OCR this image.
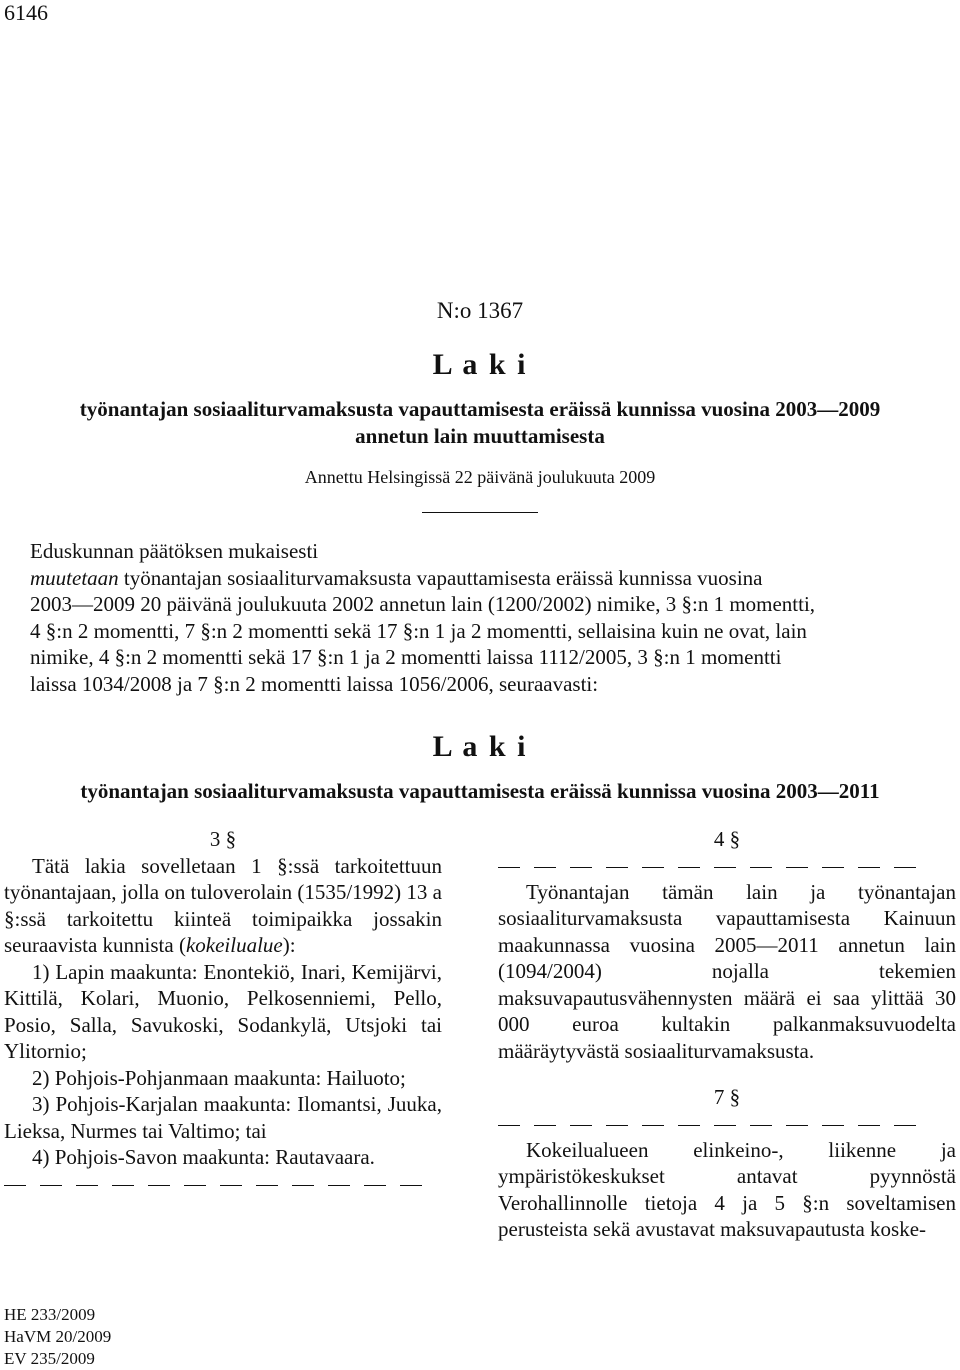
6146
N:o 1367
L a k i
työnantajan sosiaaliturvamaksusta vapauttamisesta eräissä kunnissa vuosina 2003—2009
annetun lain muuttamisesta
Annettu Helsingissä 22 päivänä joulukuuta 2009
Eduskunnan päätöksen mukaisesti
muutetaan työnantajan sosiaaliturvamaksusta vapauttamisesta eräissä kunnissa vuosina
2003—2009 20 päivänä joulukuuta 2002 annetun lain (1200/2002) nimike, 3 §:n 1 momentti,
4 §:n 2 momentti, 7 §:n 2 momentti sekä 17 §:n 1 ja 2 momentti, sellaisina kuin ne ovat, lain
nimike, 4 §:n 2 momentti sekä 17 §:n 1 ja 2 momentti laissa 1112/2005, 3 §:n 1 momentti
laissa 1034/2008 ja 7 §:n 2 momentti laissa 1056/2006, seuraavasti:
L a k i
työnantajan sosiaaliturvamaksusta vapauttamisesta eräissä kunnissa vuosina 2003—2011
3 §
Tätä lakia sovelletaan 1 §:ssä tarkoitettuun työnantajaan, jolla on tuloverolain (1535/1992) 13 a §:ssä tarkoitettu kiinteä toimipaikka jossakin seuraavista kunnista (kokeilualue):
1) Lapin maakunta: Enontekiö, Inari, Kemijärvi, Kittilä, Kolari, Muonio, Pelkosenniemi, Pello, Posio, Salla, Savukoski, Sodankylä, Utsjoki tai Ylitornio;
2) Pohjois-Pohjanmaan maakunta: Hailuoto;
3) Pohjois-Karjalan maakunta: Ilomantsi, Juuka, Lieksa, Nurmes tai Valtimo; tai
4) Pohjois-Savon maakunta: Rautavaara.
4 §
Työnantajan tämän lain ja työnantajan sosiaaliturvamaksusta vapauttamisesta Kainuun maakunnassa vuosina 2005—2011 annetun lain (1094/2004) nojalla tekemien maksuvapautusvähennysten määrä ei saa ylittää 30 000 euroa kultakin palkanmaksuvuodelta määräytyvästä sosiaaliturvamaksusta.
7 §
Kokeilualueen elinkeino-, liikenne ja ympäristökeskukset antavat pyynnöstä Verohallinnolle tietoja 4 ja 5 §:n soveltamisen perusteista sekä avustavat maksuvapautusta koske-
HE 233/2009
HaVM 20/2009
EV 235/2009
